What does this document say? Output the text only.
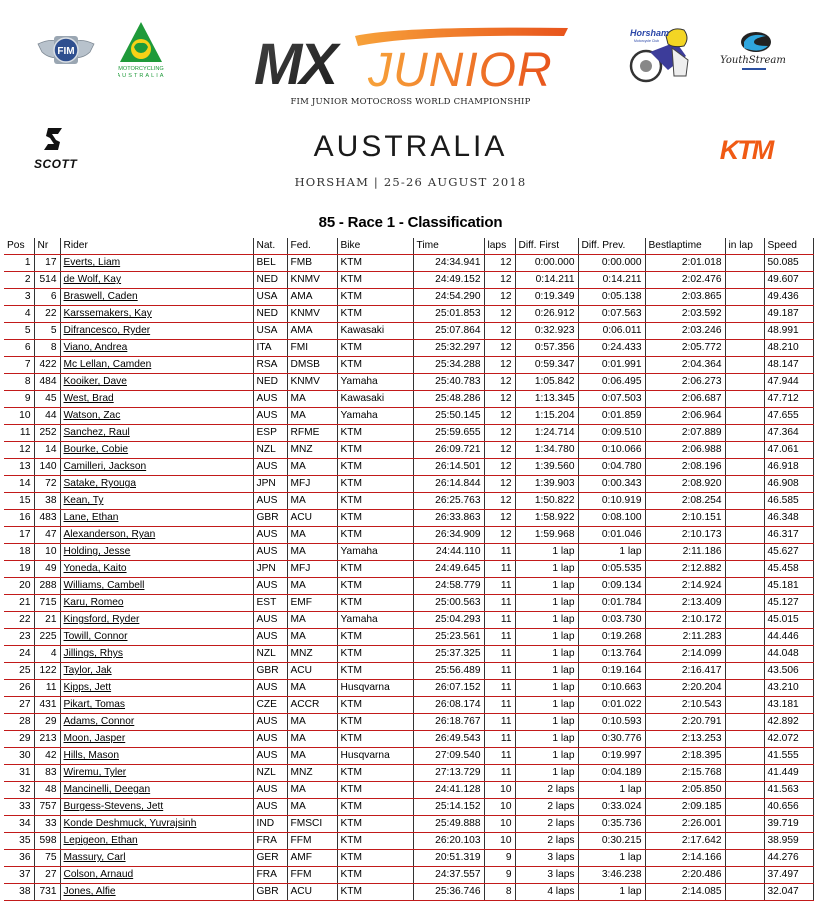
FIM
MOTORCYCLING
AUSTRALIA MX JUNIOR
Horsham
Motorcycle Club
YouthStream
FIM JUNIOR MOTOCROSS WORLD CHAMPIONSHIP
SCOTT
AUSTRALIA
HORSHAM | 25-26 AUGUST 2018
KTM
85 - Race 1 - Classification
Pos	Nr	Rider	Nat.	Fed.	Bike	Time	laps	Diff. First	Diff. Prev.	Bestlaptime	in lap	Speed
1	17	Everts, Liam	BEL	FMB	KTM	24:34.941	12	0:00.000	0:00.000	2:01.018		50.085
2	514	de Wolf, Kay	NED	KNMV	KTM	24:49.152	12	0:14.211	0:14.211	2:02.476		49.607
3	6	Braswell, Caden	USA	AMA	KTM	24:54.290	12	0:19.349	0:05.138	2:03.865		49.436
4	22	Karssemakers, Kay	NED	KNMV	KTM	25:01.853	12	0:26.912	0:07.563	2:03.592		49.187
5	5	Difrancesco, Ryder	USA	AMA	Kawasaki	25:07.864	12	0:32.923	0:06.011	2:03.246		48.991
6	8	Viano, Andrea	ITA	FMI	KTM	25:32.297	12	0:57.356	0:24.433	2:05.772		48.210
7	422	Mc Lellan, Camden	RSA	DMSB	KTM	25:34.288	12	0:59.347	0:01.991	2:04.364		48.147
8	484	Kooiker, Dave	NED	KNMV	Yamaha	25:40.783	12	1:05.842	0:06.495	2:06.273		47.944
9	45	West, Brad	AUS	MA	Kawasaki	25:48.286	12	1:13.345	0:07.503	2:06.687		47.712
10	44	Watson, Zac	AUS	MA	Yamaha	25:50.145	12	1:15.204	0:01.859	2:06.964		47.655
11	252	Sanchez, Raul	ESP	RFME	KTM	25:59.655	12	1:24.714	0:09.510	2:07.889		47.364
12	14	Bourke, Cobie	NZL	MNZ	KTM	26:09.721	12	1:34.780	0:10.066	2:06.988		47.061
13	140	Camilleri, Jackson	AUS	MA	KTM	26:14.501	12	1:39.560	0:04.780	2:08.196		46.918
14	72	Satake, Ryouga	JPN	MFJ	KTM	26:14.844	12	1:39.903	0:00.343	2:08.920		46.908
15	38	Kean, Ty	AUS	MA	KTM	26:25.763	12	1:50.822	0:10.919	2:08.254		46.585
16	483	Lane, Ethan	GBR	ACU	KTM	26:33.863	12	1:58.922	0:08.100	2:10.151		46.348
17	47	Alexanderson, Ryan	AUS	MA	KTM	26:34.909	12	1:59.968	0:01.046	2:10.173		46.317
18	10	Holding, Jesse	AUS	MA	Yamaha	24:44.110	11	1 lap	1 lap	2:11.186		45.627
19	49	Yoneda, Kaito	JPN	MFJ	KTM	24:49.645	11	1 lap	0:05.535	2:12.882		45.458
20	288	Williams, Cambell	AUS	MA	KTM	24:58.779	11	1 lap	0:09.134	2:14.924		45.181
21	715	Karu, Romeo	EST	EMF	KTM	25:00.563	11	1 lap	0:01.784	2:13.409		45.127
22	21	Kingsford, Ryder	AUS	MA	Yamaha	25:04.293	11	1 lap	0:03.730	2:10.172		45.015
23	225	Towill, Connor	AUS	MA	KTM	25:23.561	11	1 lap	0:19.268	2:11.283		44.446
24	4	Jillings, Rhys	NZL	MNZ	KTM	25:37.325	11	1 lap	0:13.764	2:14.099		44.048
25	122	Taylor, Jak	GBR	ACU	KTM	25:56.489	11	1 lap	0:19.164	2:16.417		43.506
26	11	Kipps, Jett	AUS	MA	Husqvarna	26:07.152	11	1 lap	0:10.663	2:20.204		43.210
27	431	Pikart, Tomas	CZE	ACCR	KTM	26:08.174	11	1 lap	0:01.022	2:10.543		43.181
28	29	Adams, Connor	AUS	MA	KTM	26:18.767	11	1 lap	0:10.593	2:20.791		42.892
29	213	Moon, Jasper	AUS	MA	KTM	26:49.543	11	1 lap	0:30.776	2:13.253		42.072
30	42	Hills, Mason	AUS	MA	Husqvarna	27:09.540	11	1 lap	0:19.997	2:18.395		41.555
31	83	Wiremu, Tyler	NZL	MNZ	KTM	27:13.729	11	1 lap	0:04.189	2:15.768		41.449
32	48	Mancinelli, Deegan	AUS	MA	KTM	24:41.128	10	2 laps	1 lap	2:05.850		41.563
33	757	Burgess-Stevens, Jett	AUS	MA	KTM	25:14.152	10	2 laps	0:33.024	2:09.185		40.656
34	33	Konde Deshmuck, Yuvrajsinh	IND	FMSCI	KTM	25:49.888	10	2 laps	0:35.736	2:26.001		39.719
35	598	Lepigeon, Ethan	FRA	FFM	KTM	26:20.103	10	2 laps	0:30.215	2:17.642		38.959
36	75	Massury, Carl	GER	AMF	KTM	20:51.319	9	3 laps	1 lap	2:14.166		44.276
37	27	Colson, Arnaud	FRA	FFM	KTM	24:37.557	9	3 laps	3:46.238	2:20.486		37.497
38	731	Jones, Alfie	GBR	ACU	KTM	25:36.746	8	4 laps	1 lap	2:14.085		32.047
